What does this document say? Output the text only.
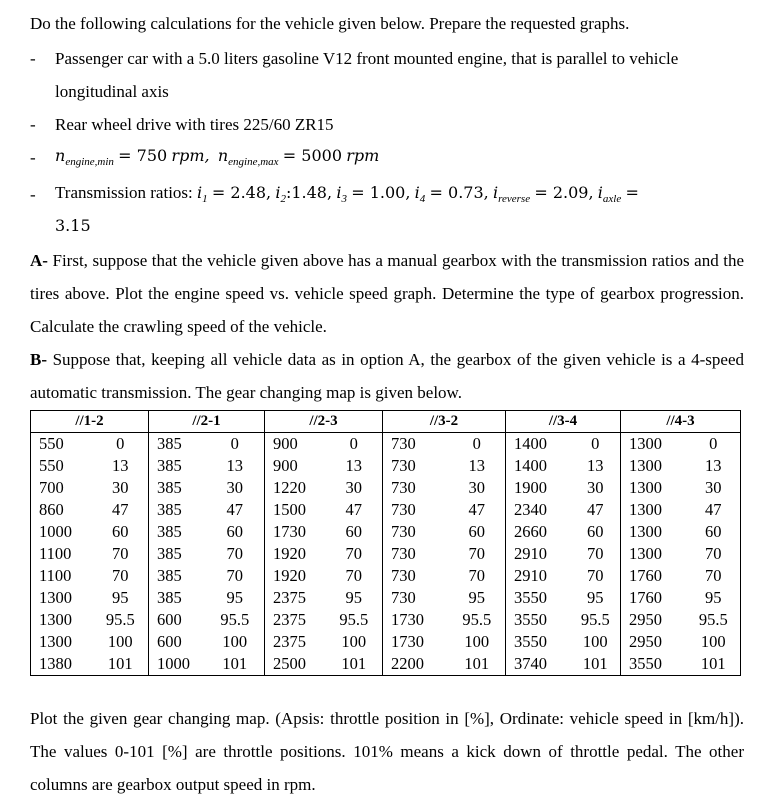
Do the following calculations for the vehicle given below. Prepare the requested graphs.
- Passenger car with a 5.0 liters gasoline V12 front mounted engine, that is parallel to vehicle
longitudinal axis
- Rear wheel drive with tires 225/60 ZR15
- $n_{engine,min} = 750$ rpm, $n_{engine,max} = 5000$ rpm
- Transmission ratios: $i_1 = 2.48$, $i_2:1.48$, $i_3 = 1.00$, $i_4 = 0.73$, $i_{reverse} = 2.09$, $i_{axle}$ =
3.15
A- First, suppose that the vehicle given above has a manual gearbox with the transmission ratios and the tires above. Plot the engine speed vs. vehicle speed graph. Determine the type of gearbox progression. Calculate the crawling speed of the vehicle.
B- Suppose that, keeping all vehicle data as in option A, the gearbox of the given vehicle is a 4-speed automatic transmission. The gear changing map is given below.
//1-2		//2-1		//2-3		//3-2		//3-4		//4-3	
550	0	385	0	900	0	730	0	1400	0	1300	0
550	13	385	13	900	13	730	13	1400	13	1300	13
700	30	385	30	1220	30	730	30	1900	30	1300	30
860	47	385	47	1500	47	730	47	2340	47	1300	47
1000	60	385	60	1730	60	730	60	2660	60	1300	60
1100	70	385	70	1920	70	730	70	2910	70	1300	70
1100	70	385	70	1920	70	730	70	2910	70	1760	70
1300	95	385	95	2375	95	730	95	3550	95	1760	95
1300	95.5	600	95.5	2375	95.5	1730	95.5	3550	95.5	2950	95.5
1300	100	600	100	2375	100	1730	100	3550	100	2950	100
1380	101	1000	101	2500	101	2200	101	3740	101	3550	101
Plot the given gear changing map. (Apsis: throttle position in [%], Ordinate: vehicle speed in [km/h]). The values 0-101 [%] are throttle positions. 101% means a kick down of throttle pedal. The other columns are gearbox output speed in rpm.
